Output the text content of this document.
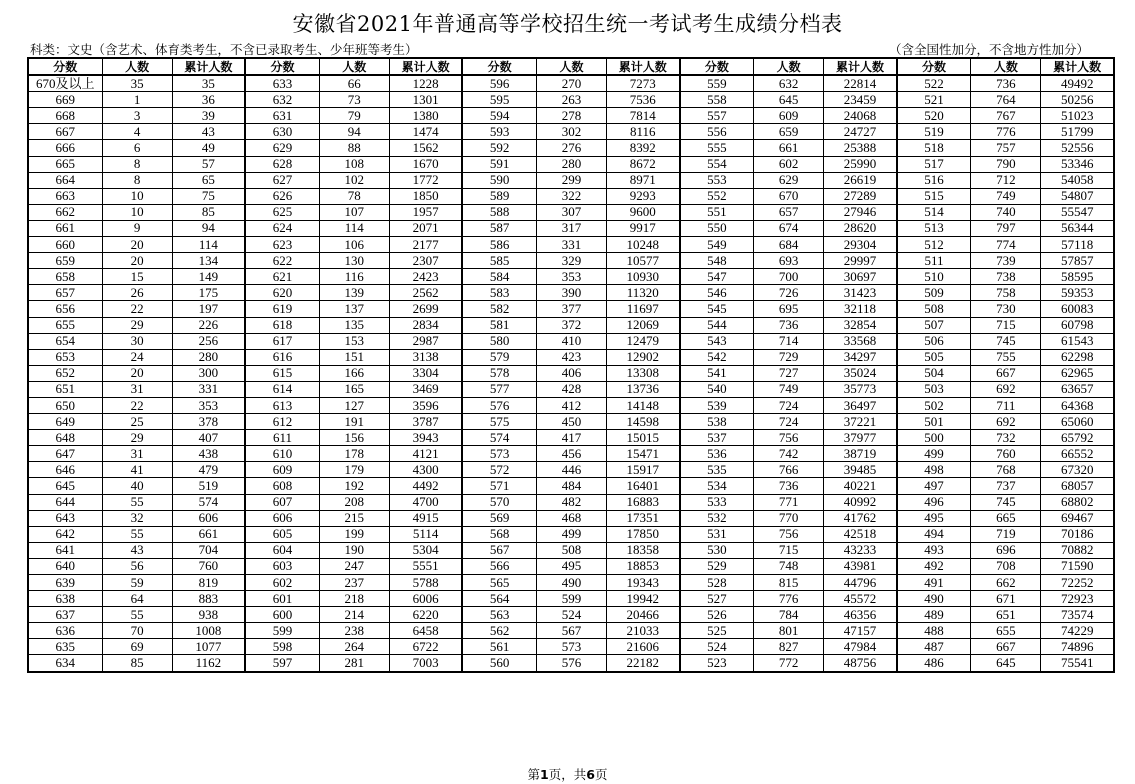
安徽省2021年普通高等学校招生统一考试考生成绩分档表
科类：文史（含艺术、体育类考生，不含已录取考生、少年班等考生）	（含全国性加分，不含地方性加分）
分数	人数	累计人数	分数	人数	累计人数	分数	人数	累计人数	分数	人数	累计人数	分数	人数	累计人数
670及以上	35	35	633	66	1228	596	270	7273	559	632	22814	522	736	49492
669	1	36	632	73	1301	595	263	7536	558	645	23459	521	764	50256
668	3	39	631	79	1380	594	278	7814	557	609	24068	520	767	51023
667	4	43	630	94	1474	593	302	8116	556	659	24727	519	776	51799
666	6	49	629	88	1562	592	276	8392	555	661	25388	518	757	52556
665	8	57	628	108	1670	591	280	8672	554	602	25990	517	790	53346
664	8	65	627	102	1772	590	299	8971	553	629	26619	516	712	54058
663	10	75	626	78	1850	589	322	9293	552	670	27289	515	749	54807
662	10	85	625	107	1957	588	307	9600	551	657	27946	514	740	55547
661	9	94	624	114	2071	587	317	9917	550	674	28620	513	797	56344
660	20	114	623	106	2177	586	331	10248	549	684	29304	512	774	57118
659	20	134	622	130	2307	585	329	10577	548	693	29997	511	739	57857
658	15	149	621	116	2423	584	353	10930	547	700	30697	510	738	58595
657	26	175	620	139	2562	583	390	11320	546	726	31423	509	758	59353
656	22	197	619	137	2699	582	377	11697	545	695	32118	508	730	60083
655	29	226	618	135	2834	581	372	12069	544	736	32854	507	715	60798
654	30	256	617	153	2987	580	410	12479	543	714	33568	506	745	61543
653	24	280	616	151	3138	579	423	12902	542	729	34297	505	755	62298
652	20	300	615	166	3304	578	406	13308	541	727	35024	504	667	62965
651	31	331	614	165	3469	577	428	13736	540	749	35773	503	692	63657
650	22	353	613	127	3596	576	412	14148	539	724	36497	502	711	64368
649	25	378	612	191	3787	575	450	14598	538	724	37221	501	692	65060
648	29	407	611	156	3943	574	417	15015	537	756	37977	500	732	65792
647	31	438	610	178	4121	573	456	15471	536	742	38719	499	760	66552
646	41	479	609	179	4300	572	446	15917	535	766	39485	498	768	67320
645	40	519	608	192	4492	571	484	16401	534	736	40221	497	737	68057
644	55	574	607	208	4700	570	482	16883	533	771	40992	496	745	68802
643	32	606	606	215	4915	569	468	17351	532	770	41762	495	665	69467
642	55	661	605	199	5114	568	499	17850	531	756	42518	494	719	70186
641	43	704	604	190	5304	567	508	18358	530	715	43233	493	696	70882
640	56	760	603	247	5551	566	495	18853	529	748	43981	492	708	71590
639	59	819	602	237	5788	565	490	19343	528	815	44796	491	662	72252
638	64	883	601	218	6006	564	599	19942	527	776	45572	490	671	72923
637	55	938	600	214	6220	563	524	20466	526	784	46356	489	651	73574
636	70	1008	599	238	6458	562	567	21033	525	801	47157	488	655	74229
635	69	1077	598	264	6722	561	573	21606	524	827	47984	487	667	74896
634	85	1162	597	281	7003	560	576	22182	523	772	48756	486	645	75541
第1页，共6页
